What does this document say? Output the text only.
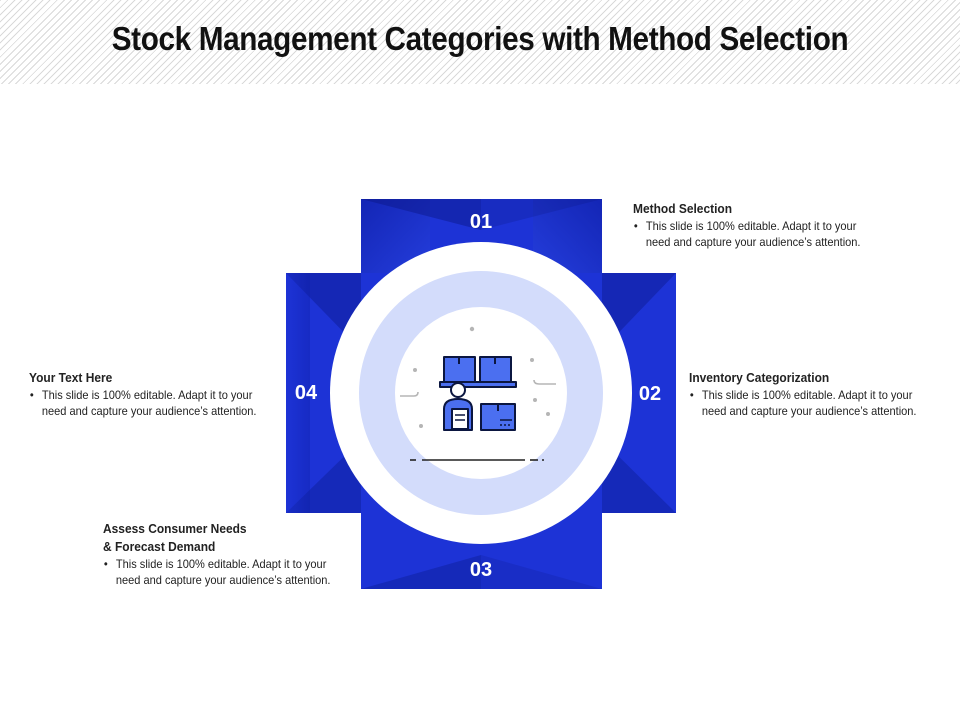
Stock Management Categories with Method Selection
01
02
03
04
Method Selection
• This slide is 100% editable. Adapt it to your
need and capture your audience’s attention.
Inventory Categorization
• This slide is 100% editable. Adapt it to your
need and capture your audience’s attention.
Assess Consumer Needs
& Forecast Demand
• This slide is 100% editable. Adapt it to your
need and capture your audience’s attention.
Your Text Here
• This slide is 100% editable. Adapt it to your
need and capture your audience’s attention.
